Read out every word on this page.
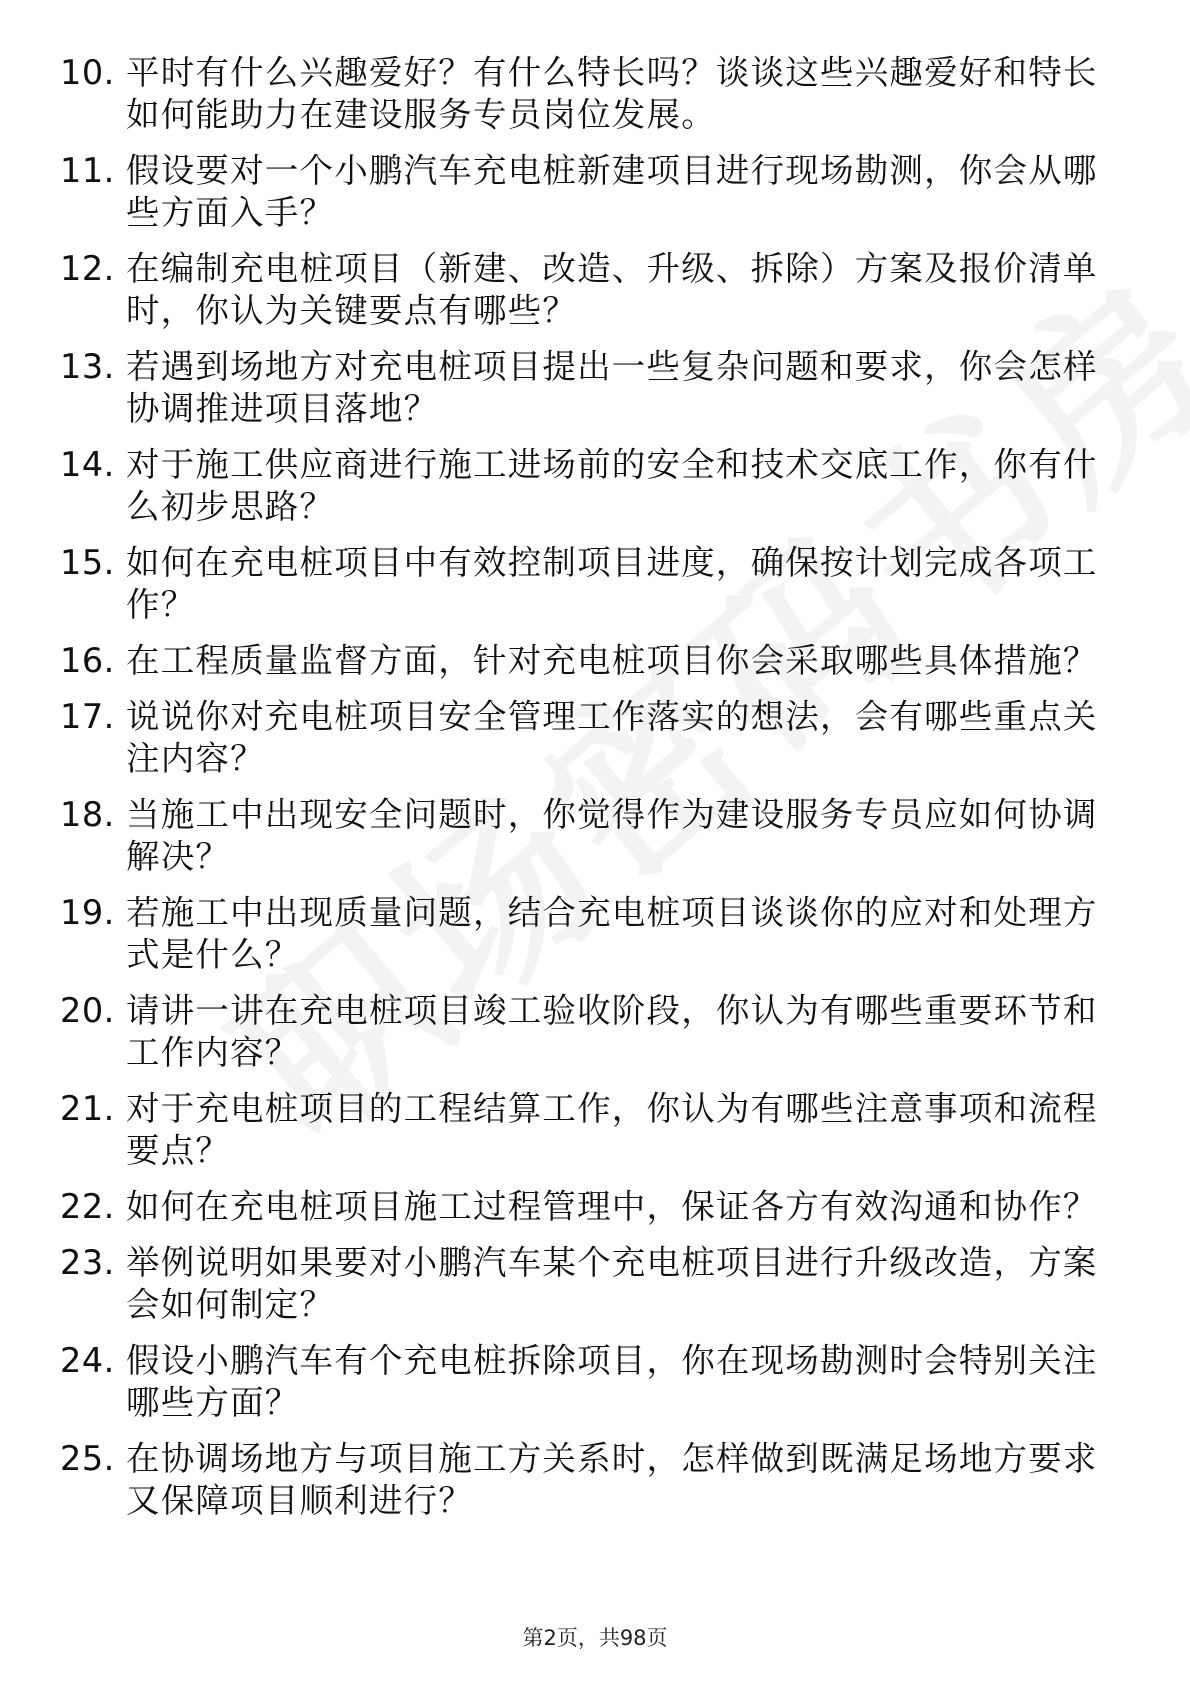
10. 平时有什么兴趣爱好？有什么特长吗？谈谈这些兴趣爱好和特长如何能助力在建设服务专员岗位发展。
11. 假设要对一个小鹏汽车充电桩新建项目进行现场勘测，你会从哪些方面入手？
12. 在编制充电桩项目（新建、改造、升级、拆除）方案及报价清单时，你认为关键要点有哪些？
13. 若遇到场地方对充电桩项目提出一些复杂问题和要求，你会怎样协调推进项目落地？
14. 对于施工供应商进行施工进场前的安全和技术交底工作，你有什么初步思路？
15. 如何在充电桩项目中有效控制项目进度，确保按计划完成各项工作？
16. 在工程质量监督方面，针对充电桩项目你会采取哪些具体措施？
17. 说说你对充电桩项目安全管理工作落实的想法，会有哪些重点关注内容？
18. 当施工中出现安全问题时，你觉得作为建设服务专员应如何协调解决？
19. 若施工中出现质量问题，结合充电桩项目谈谈你的应对和处理方式是什么？
20. 请讲一讲在充电桩项目竣工验收阶段，你认为有哪些重要环节和工作内容？
21. 对于充电桩项目的工程结算工作，你认为有哪些注意事项和流程要点？
22. 如何在充电桩项目施工过程管理中，保证各方有效沟通和协作？
23. 举例说明如果要对小鹏汽车某个充电桩项目进行升级改造，方案会如何制定？
24. 假设小鹏汽车有个充电桩拆除项目，你在现场勘测时会特别关注哪些方面？
25. 在协调场地方与项目施工方关系时，怎样做到既满足场地方要求又保障项目顺利进行？
第2页，共98页
